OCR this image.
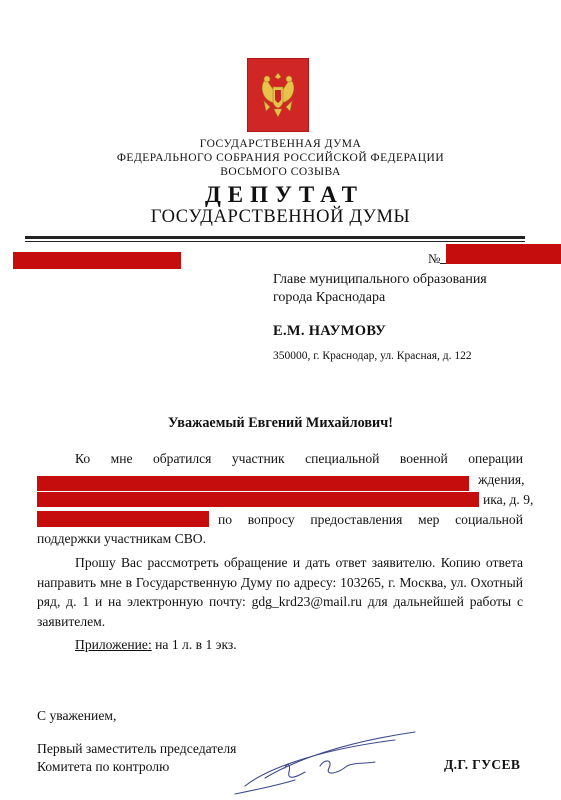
ГОСУДАРСТВЕННАЯ ДУМА
ФЕДЕРАЛЬНОГО СОБРАНИЯ РОССИЙСКОЙ ФЕДЕРАЦИИ
ВОСЬМОГО СОЗЫВА
ДЕПУТАТ
ГОСУДАРСТВЕННОЙ ДУМЫ
№
Главе муниципального образования
города Краснодара
Е.М. НАУМОВУ
350000, г. Краснодар, ул. Красная, д. 122
Уважаемый Евгений Михайлович!
Ко мне обратился участник специальной военной операции
ждения,
ика, д. 9,
по вопросу предоставления мер социальной
поддержки участникам СВО.
Прошу Вас рассмотреть обращение и дать ответ заявителю. Копию ответа направить мне в Государственную Думу по адресу: 103265, г. Москва, ул. Охотный ряд, д. 1 и на электронную почту: gdg_krd23@mail.ru для дальнейшей работы с заявителем.
Приложение: на 1 л. в 1 экз.
С уважением,
Первый заместитель председателя
Комитета по контролю	Д.Г. ГУСЕВ
